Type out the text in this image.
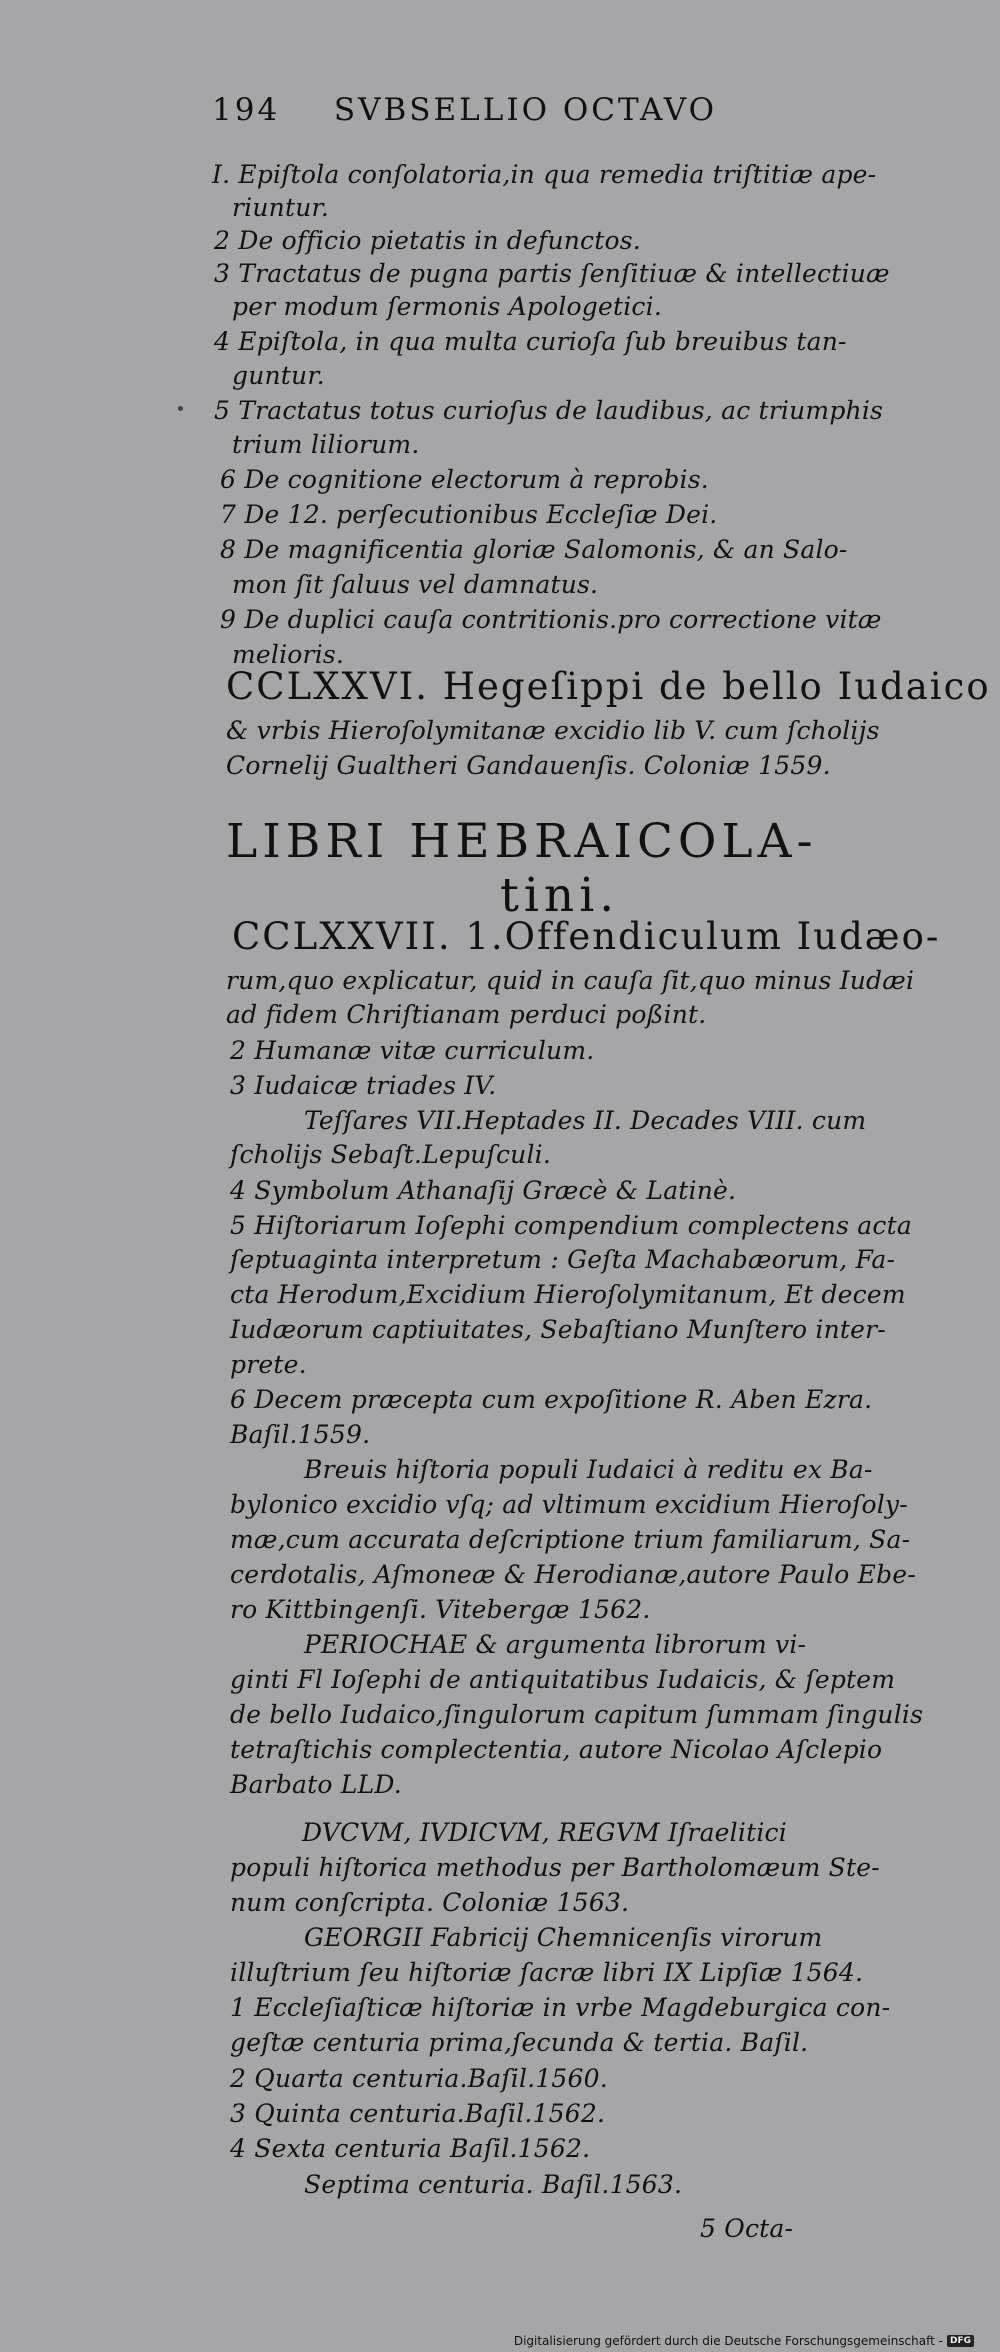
194 SVBSELLIO OCTAVO
I. Epiſtola conſolatoria,in qua remedia triſtitiæ ape-
riuntur.
2 De officio pietatis in defunctos.
3 Tractatus de pugna partis ſenſitiuæ & intellectiuæ
per modum ſermonis Apologetici.
4 Epiſtola, in qua multa curioſa ſub breuibus tan-
guntur.
5 Tractatus totus curioſus de laudibus, ac triumphis
trium liliorum.
6 De cognitione electorum à reprobis.
7 De 12. perſecutionibus Eccleſiæ Dei.
8 De magnificentia gloriæ Salomonis, & an Salo-
mon ſit ſaluus vel damnatus.
9 De duplici cauſa contritionis.pro correctione vitæ
melioris.
CCLXXVI. Hegeſippi de bello Iudaico
& vrbis Hieroſolymitanæ excidio lib V. cum ſcholijs
Cornelij Gualtheri Gandauenſis. Coloniæ 1559.
LIBRI HEBRAICOLA-
tini.
CCLXXVII. 1.Offendiculum Iudæo-
rum,quo explicatur, quid in cauſa ſit,quo minus Iudæi
ad fidem Chriſtianam perduci poßint.
2 Humanæ vitæ curriculum.
3 Iudaicæ triades IV.
Teſſares VII.Heptades II. Decades VIII. cum
ſcholijs Sebaſt.Lepuſculi.
4 Symbolum Athanaſij Græcè & Latinè.
5 Hiſtoriarum Ioſephi compendium complectens acta
ſeptuaginta interpretum : Geſta Machabæorum, Fa-
cta Herodum,Excidium Hieroſolymitanum, Et decem
Iudæorum captiuitates, Sebaſtiano Munſtero inter-
prete.
6 Decem præcepta cum expoſitione R. Aben Ezra.
Baſil.1559.
Breuis hiſtoria populi Iudaici à reditu ex Ba-
bylonico excidio vſq; ad vltimum excidium Hieroſoly-
mæ,cum accurata deſcriptione trium familiarum, Sa-
cerdotalis, Aſmoneæ & Herodianæ,autore Paulo Ebe-
ro Kittbingenſi. Vitebergæ 1562.
PERIOCHAE & argumenta librorum vi-
ginti Fl Ioſephi de antiquitatibus Iudaicis, & ſeptem
de bello Iudaico,ſingulorum capitum ſummam ſingulis
tetraſtichis complectentia, autore Nicolao Aſclepio
Barbato LLD.
DVCVM, IVDICVM, REGVM Iſraelitici
populi hiſtorica methodus per Bartholomæum Ste-
num conſcripta. Coloniæ 1563.
GEORGII Fabricij Chemnicenſis virorum
illuſtrium ſeu hiſtoriæ ſacræ libri IX Lipſiæ 1564.
1 Eccleſiaſticæ hiſtoriæ in vrbe Magdeburgica con-
geſtæ centuria prima,ſecunda & tertia. Baſil.
2 Quarta centuria.Baſil.1560.
3 Quinta centuria.Baſil.1562.
4 Sexta centuria Baſil.1562.
Septima centuria. Baſil.1563.
5 Octa-
Digitalisierung gefördert durch die Deutsche Forschungsgemeinschaft - DFG
